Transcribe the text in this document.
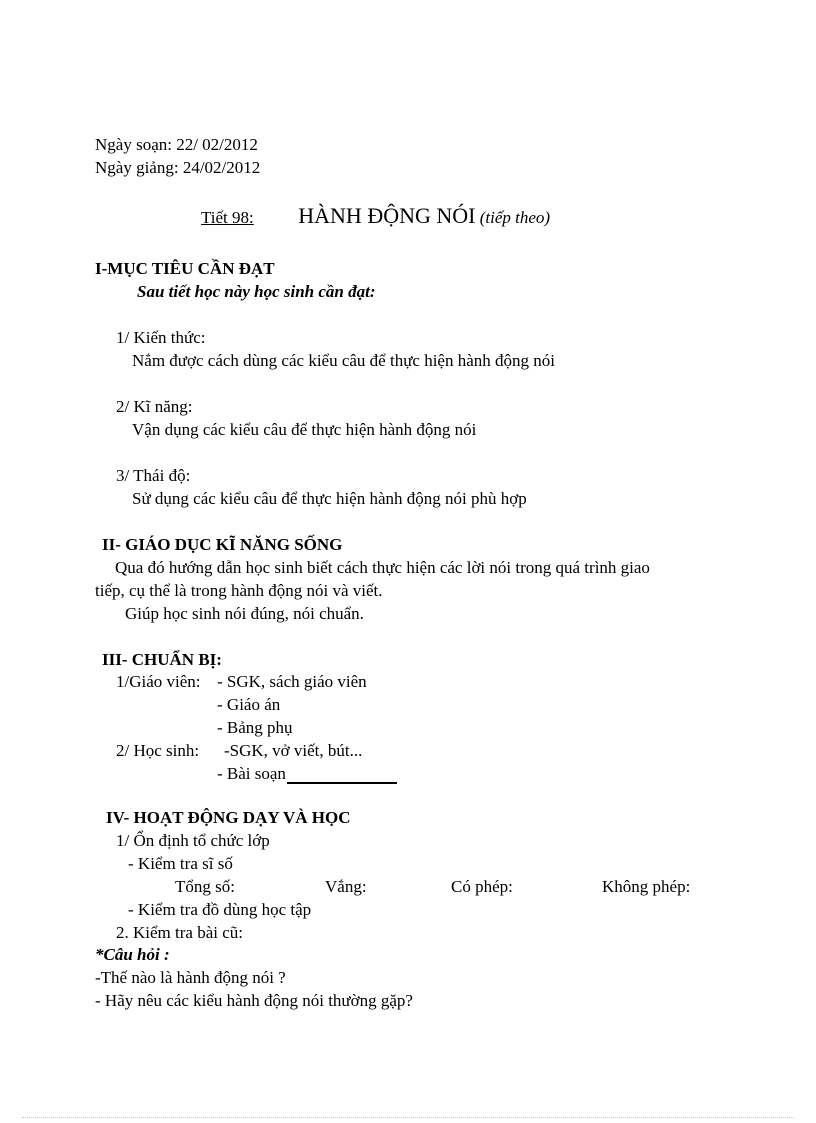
Ngày soạn: 22/ 02/2012
Ngày giảng: 24/02/2012
Tiết 98: HÀNH ĐỘNG NÓI (tiếp theo)
I-MỤC TIÊU CẦN ĐẠT
Sau tiết học này học sinh cần đạt:
1/ Kiến thức:
Nắm được cách dùng các kiểu câu để thực hiện hành động nói
2/ Kĩ năng:
Vận dụng các kiểu câu để thực hiện hành động nói
3/ Thái độ:
Sử dụng các kiểu câu để thực hiện hành động nói phù hợp
II- GIÁO DỤC KĨ NĂNG SỐNG
Qua đó hướng dẫn học sinh biết cách thực hiện các lời nói trong quá trình giao
tiếp, cụ thể là trong hành động nói và viết.
Giúp học sinh nói đúng, nói chuẩn.
III- CHUẨN BỊ:
1/Giáo viên: - SGK, sách giáo viên
- Giáo án
- Bảng phụ
2/ Học sinh: -SGK, vở viết, bút...
- Bài soạn
IV- HOẠT ĐỘNG DẠY VÀ HỌC
1/ Ổn định tổ chức lớp
- Kiểm tra sĩ số
Tổng số:	Vắng:	Có phép:	Không phép:
- Kiểm tra đồ dùng học tập
2. Kiểm tra bài cũ:
*Câu hỏi :
-Thế nào là hành động nói ?
- Hãy nêu các kiểu hành động nói thường gặp?
